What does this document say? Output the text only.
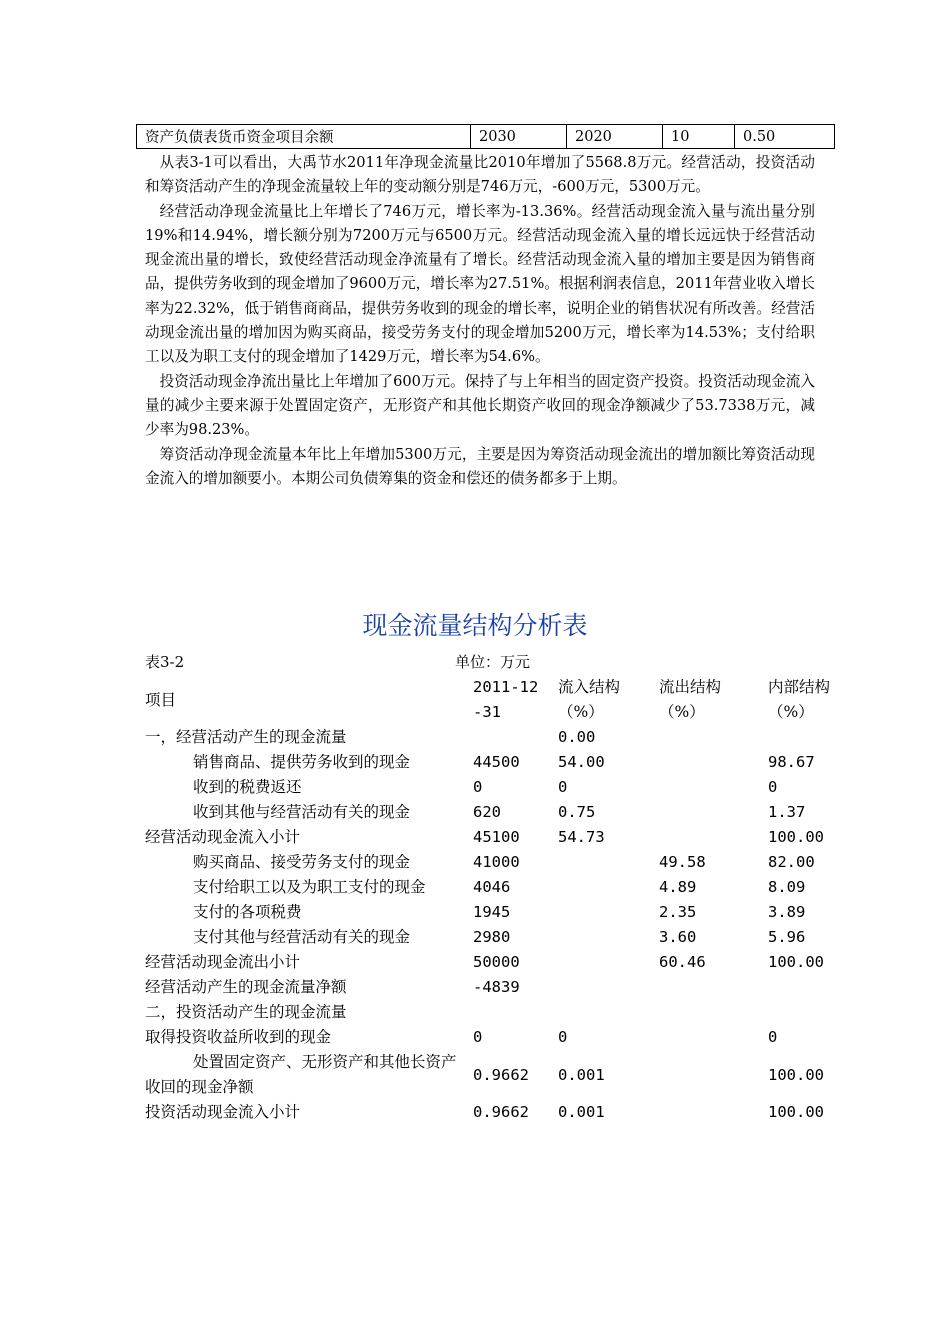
资产负债表货币资金项目余额	2030	2020	10	0.50

从表3-1可以看出，大禹节水2011年净现金流量比2010年增加了5568.8万元。经营活动，投资活动和筹资活动产生的净现金流量较上年的变动额分别是746万元，-600万元，5300万元。

经营活动净现金流量比上年增长了746万元，增长率为-13.36%。经营活动现金流入量与流出量分别19%和14.94%，增长额分别为7200万元与6500万元。经营活动现金流入量的增长远远快于经营活动现金流出量的增长，致使经营活动现金净流量有了增长。经营活动现金流入量的增加主要是因为销售商品，提供劳务收到的现金增加了9600万元，增长率为27.51%。根据利润表信息，2011年营业收入增长率为22.32%，低于销售商商品，提供劳务收到的现金的增长率，说明企业的销售状况有所改善。经营活动现金流出量的增加因为购买商品，接受劳务支付的现金增加5200万元，增长率为14.53%；支付给职工以及为职工支付的现金增加了1429万元，增长率为54.6%。

投资活动现金净流出量比上年增加了600万元。保持了与上年相当的固定资产投资。投资活动现金流入量的减少主要来源于处置固定资产，无形资产和其他长期资产收回的现金净额减少了53.7338万元，减少率为98.23%。

筹资活动净现金流量本年比上年增加5300万元，主要是因为筹资活动现金流出的增加额比筹资活动现金流入的增加额要小。本期公司负债筹集的资金和偿还的债务都多于上期。

现金流量结构分析表
表3-2	单位：万元
项目	2011-12-31	流入结构（%）	流出结构（%）	内部结构（%）
一，经营活动产生的现金流量		0.00		
销售商品、提供劳务收到的现金	44500	54.00		98.67
收到的税费返还	0	0		0
收到其他与经营活动有关的现金	620	0.75		1.37
经营活动现金流入小计	45100	54.73		100.00
购买商品、接受劳务支付的现金	41000		49.58	82.00
支付给职工以及为职工支付的现金	4046		4.89	8.09
支付的各项税费	1945		2.35	3.89
支付其他与经营活动有关的现金	2980		3.60	5.96
经营活动现金流出小计	50000		60.46	100.00
经营活动产生的现金流量净额	-4839			
二，投资活动产生的现金流量				
取得投资收益所收到的现金	0	0		0
处置固定资产、无形资产和其他长资产收回的现金净额	0.9662	0.001		100.00
投资活动现金流入小计	0.9662	0.001		100.00
